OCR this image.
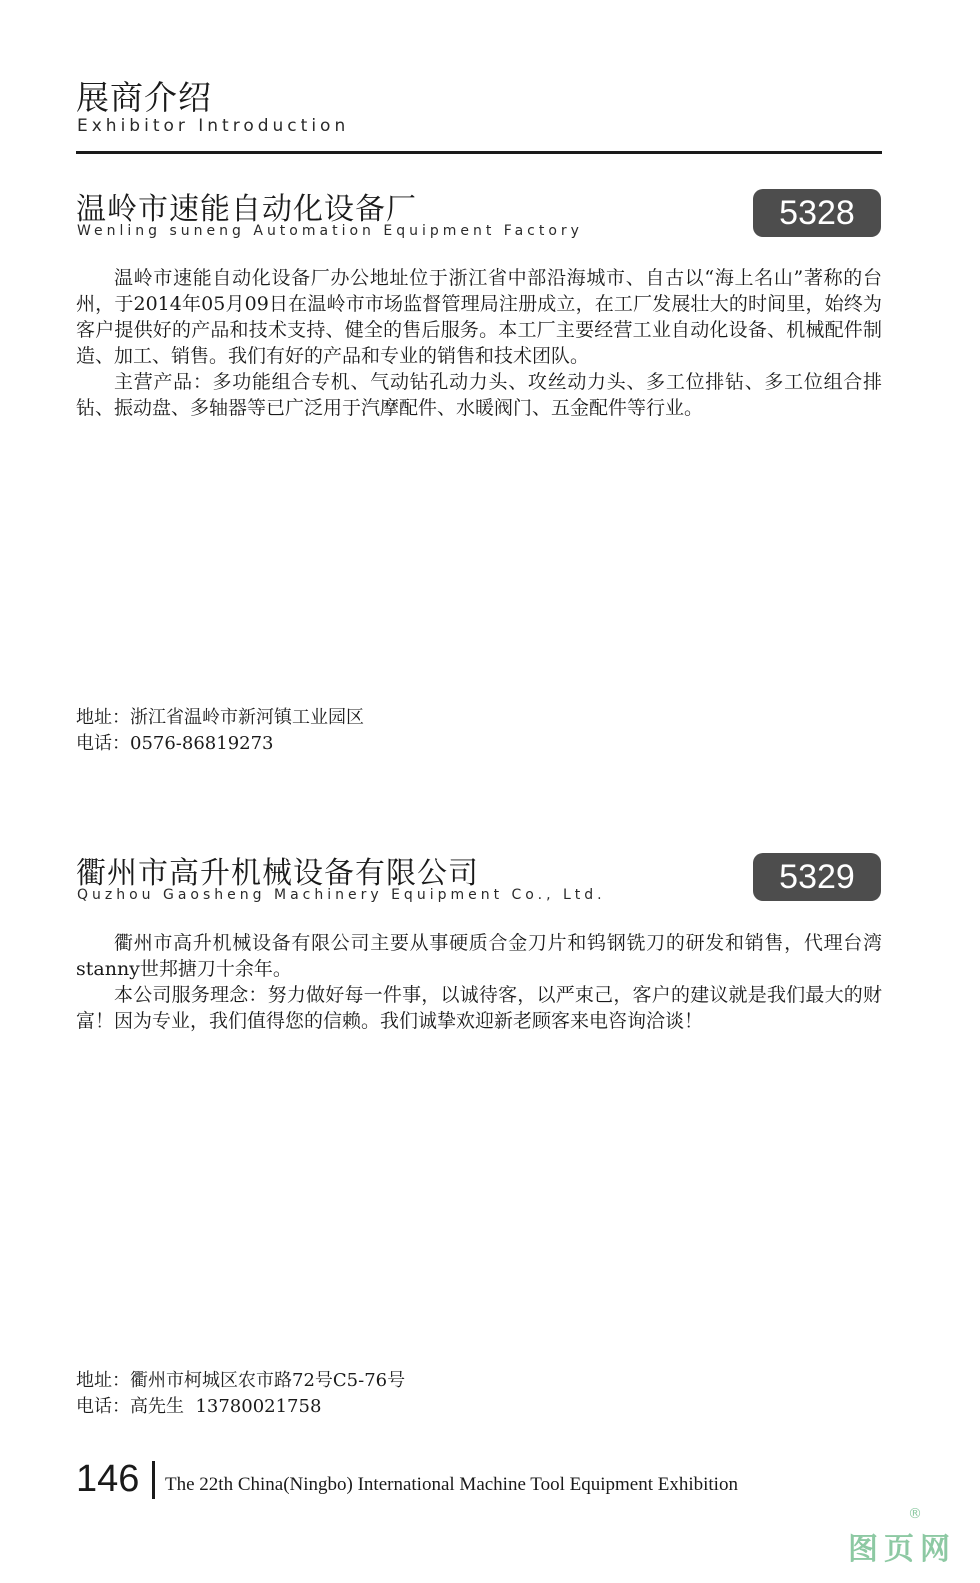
展商介绍
Exhibitor Introduction
温岭市速能自动化设备厂
Wenling suneng Automation Equipment Factory	5328

温岭市速能自动化设备厂办公地址位于浙江省中部沿海城市、自古以“海上名山”著称的台州，于2014年05月09日在温岭市市场监督管理局注册成立，在工厂发展壮大的时间里，始终为客户提供好的产品和技术支持、健全的售后服务。本工厂主要经营工业自动化设备、机械配件制造、加工、销售。我们有好的产品和专业的销售和技术团队。

主营产品：多功能组合专机、气动钻孔动力头、攻丝动力头、多工位排钻、多工位组合排钻、振动盘、多轴器等已广泛用于汽摩配件、水暖阀门、五金配件等行业。

地址：浙江省温岭市新河镇工业园区
电话：0576-86819273
衢州市高升机械设备有限公司
Quzhou Gaosheng Machinery Equipment Co., Ltd.	5329

衢州市高升机械设备有限公司主要从事硬质合金刀片和钨钢铣刀的研发和销售，代理台湾stanny世邦搪刀十余年。

本公司服务理念：努力做好每一件事，以诚待客，以严束己，客户的建议就是我们最大的财富！因为专业，我们值得您的信赖。我们诚挚欢迎新老顾客来电咨询洽谈！

地址：衢州市柯城区农市路72号C5-76号
电话：高先生  13780021758
146 The 22th China(Ningbo) International Machine Tool Equipment Exhibition
图页网
®
